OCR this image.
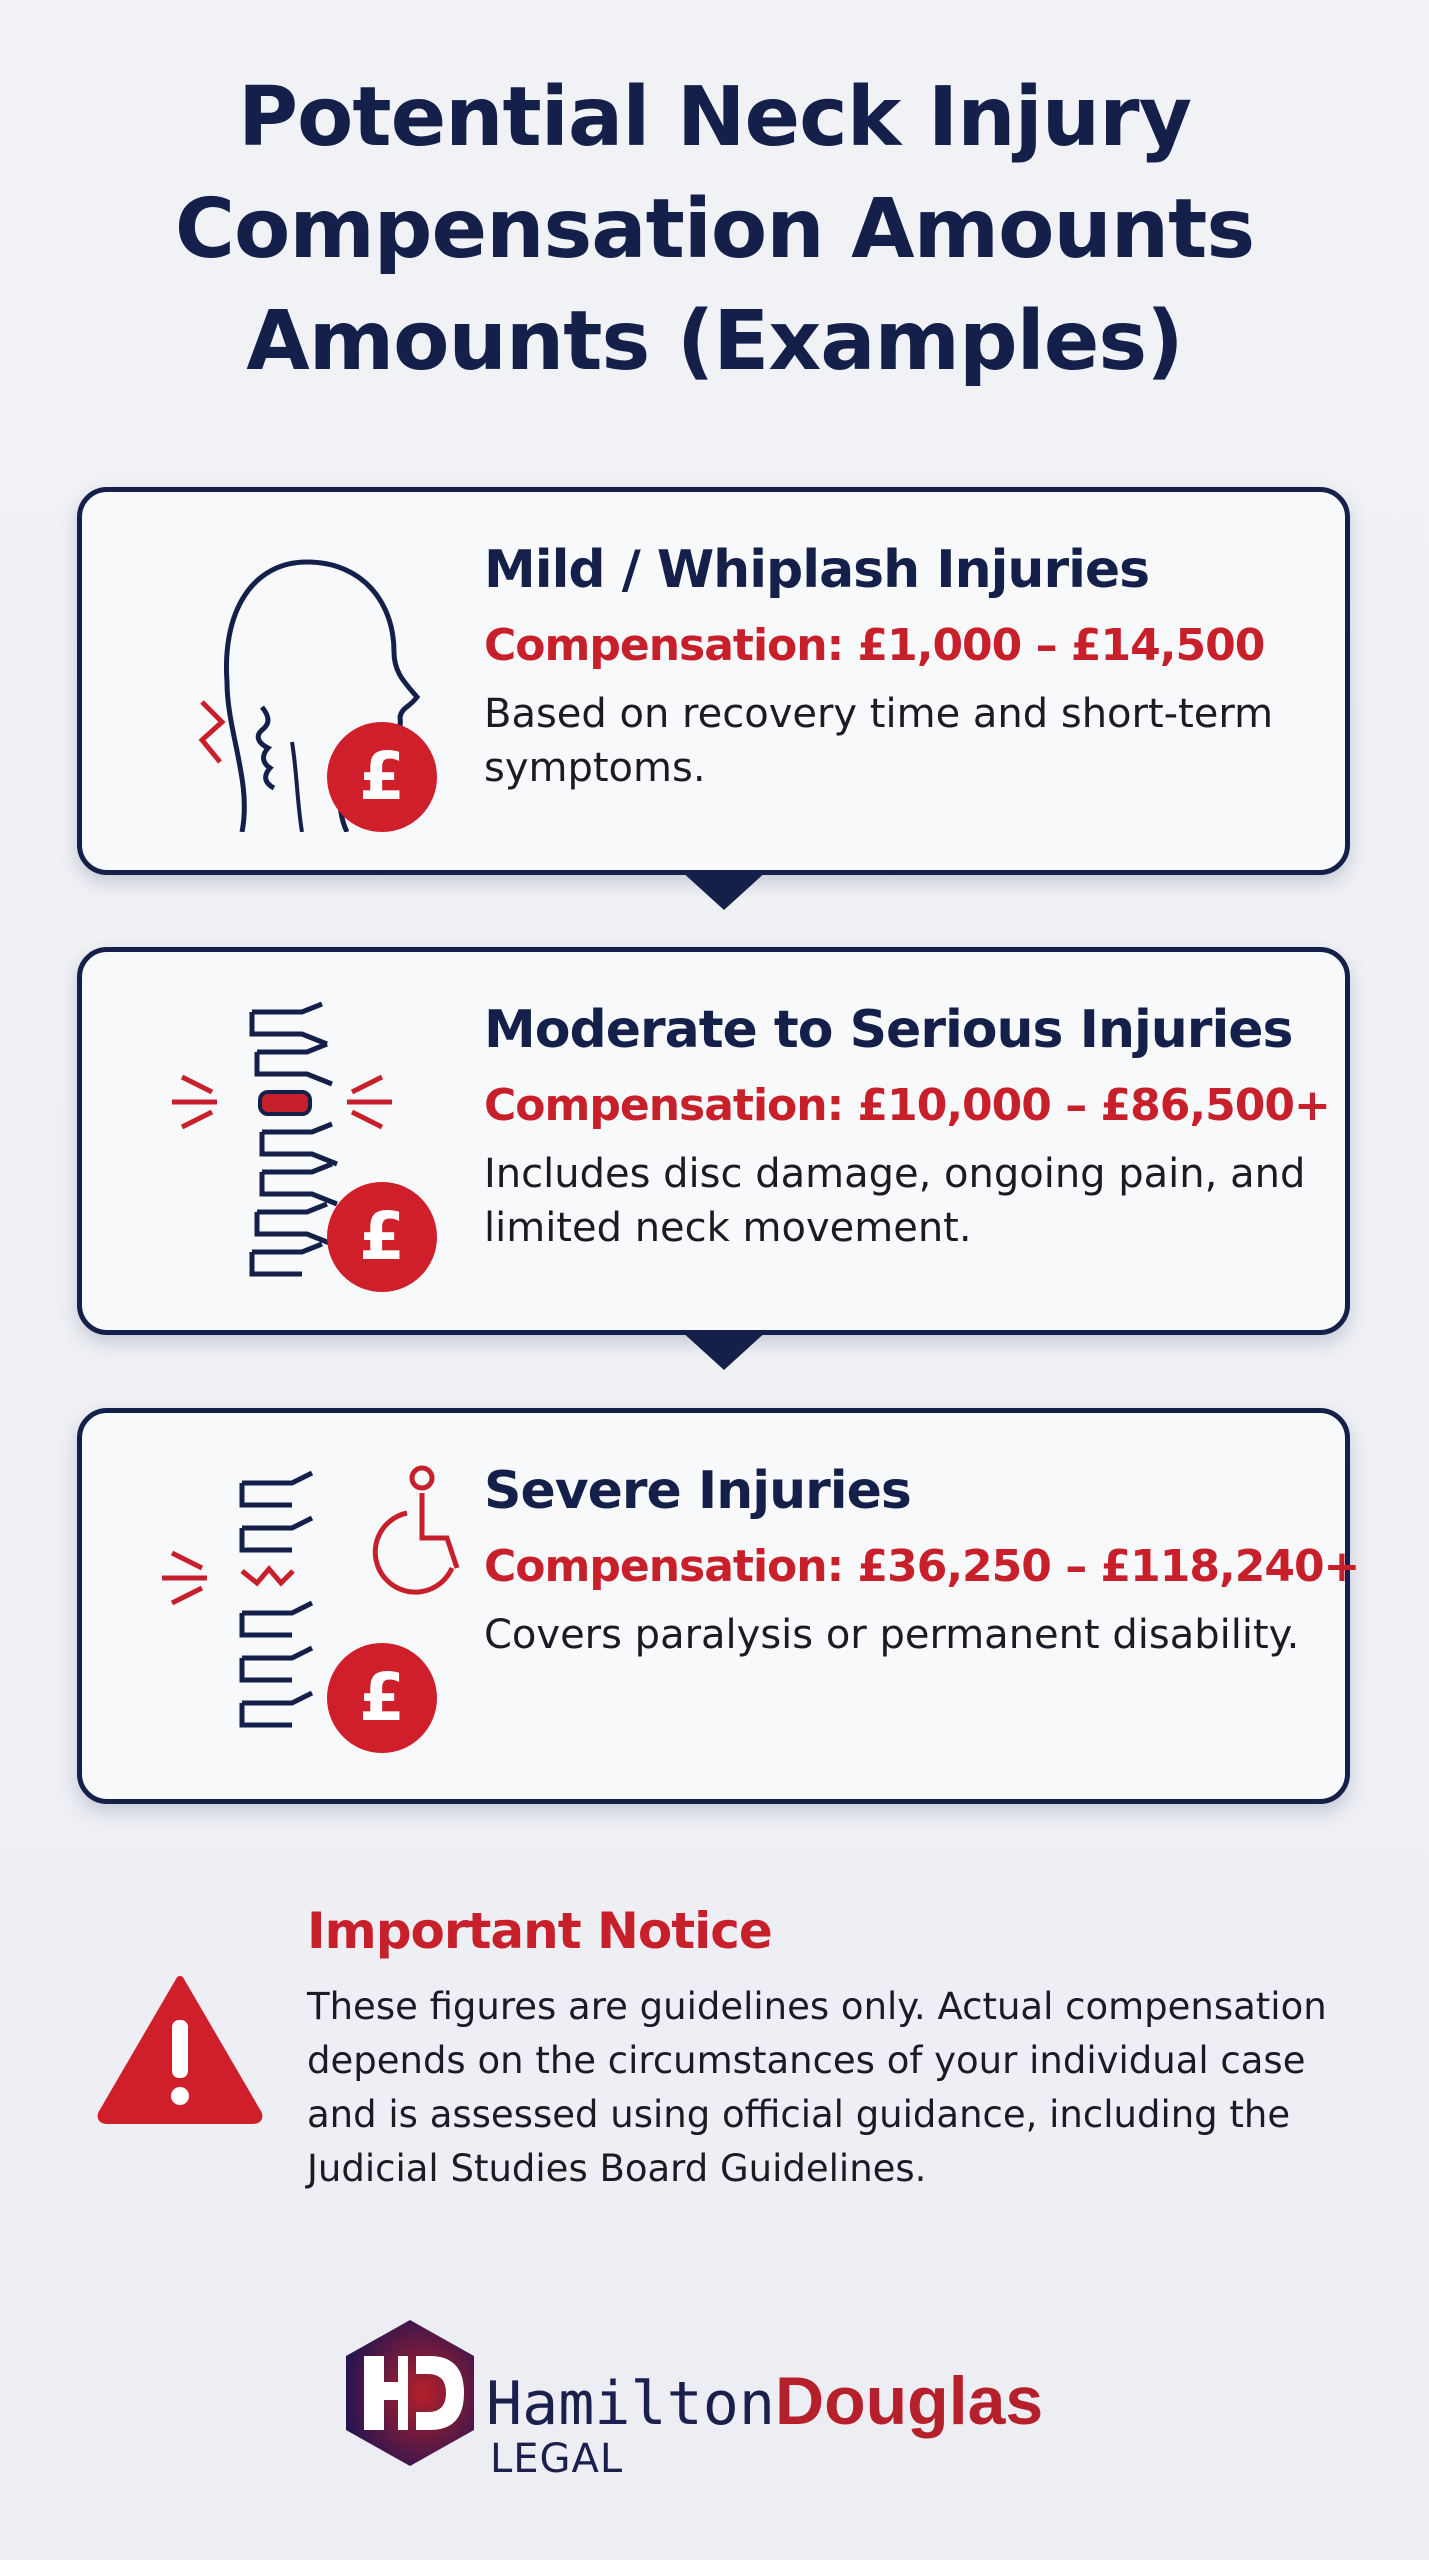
Potential Neck Injury
Compensation Amounts
Amounts (Examples)
£
Mild / Whiplash Injuries
Compensation: £1,000 – £14,500
Based on recovery time and short-term symptoms.
£
Moderate to Serious Injuries
Compensation: £10,000 – £86,500+
Includes disc damage, ongoing pain, and limited neck movement.
£
Severe Injuries
Compensation: £36,250 – £118,240+
Covers paralysis or permanent disability.
Important Notice
These figures are guidelines only. Actual compensation depends on the circumstances of your individual case and is assessed using official guidance, including the Judicial Studies Board Guidelines.
HamiltonDouglas
LEGAL
